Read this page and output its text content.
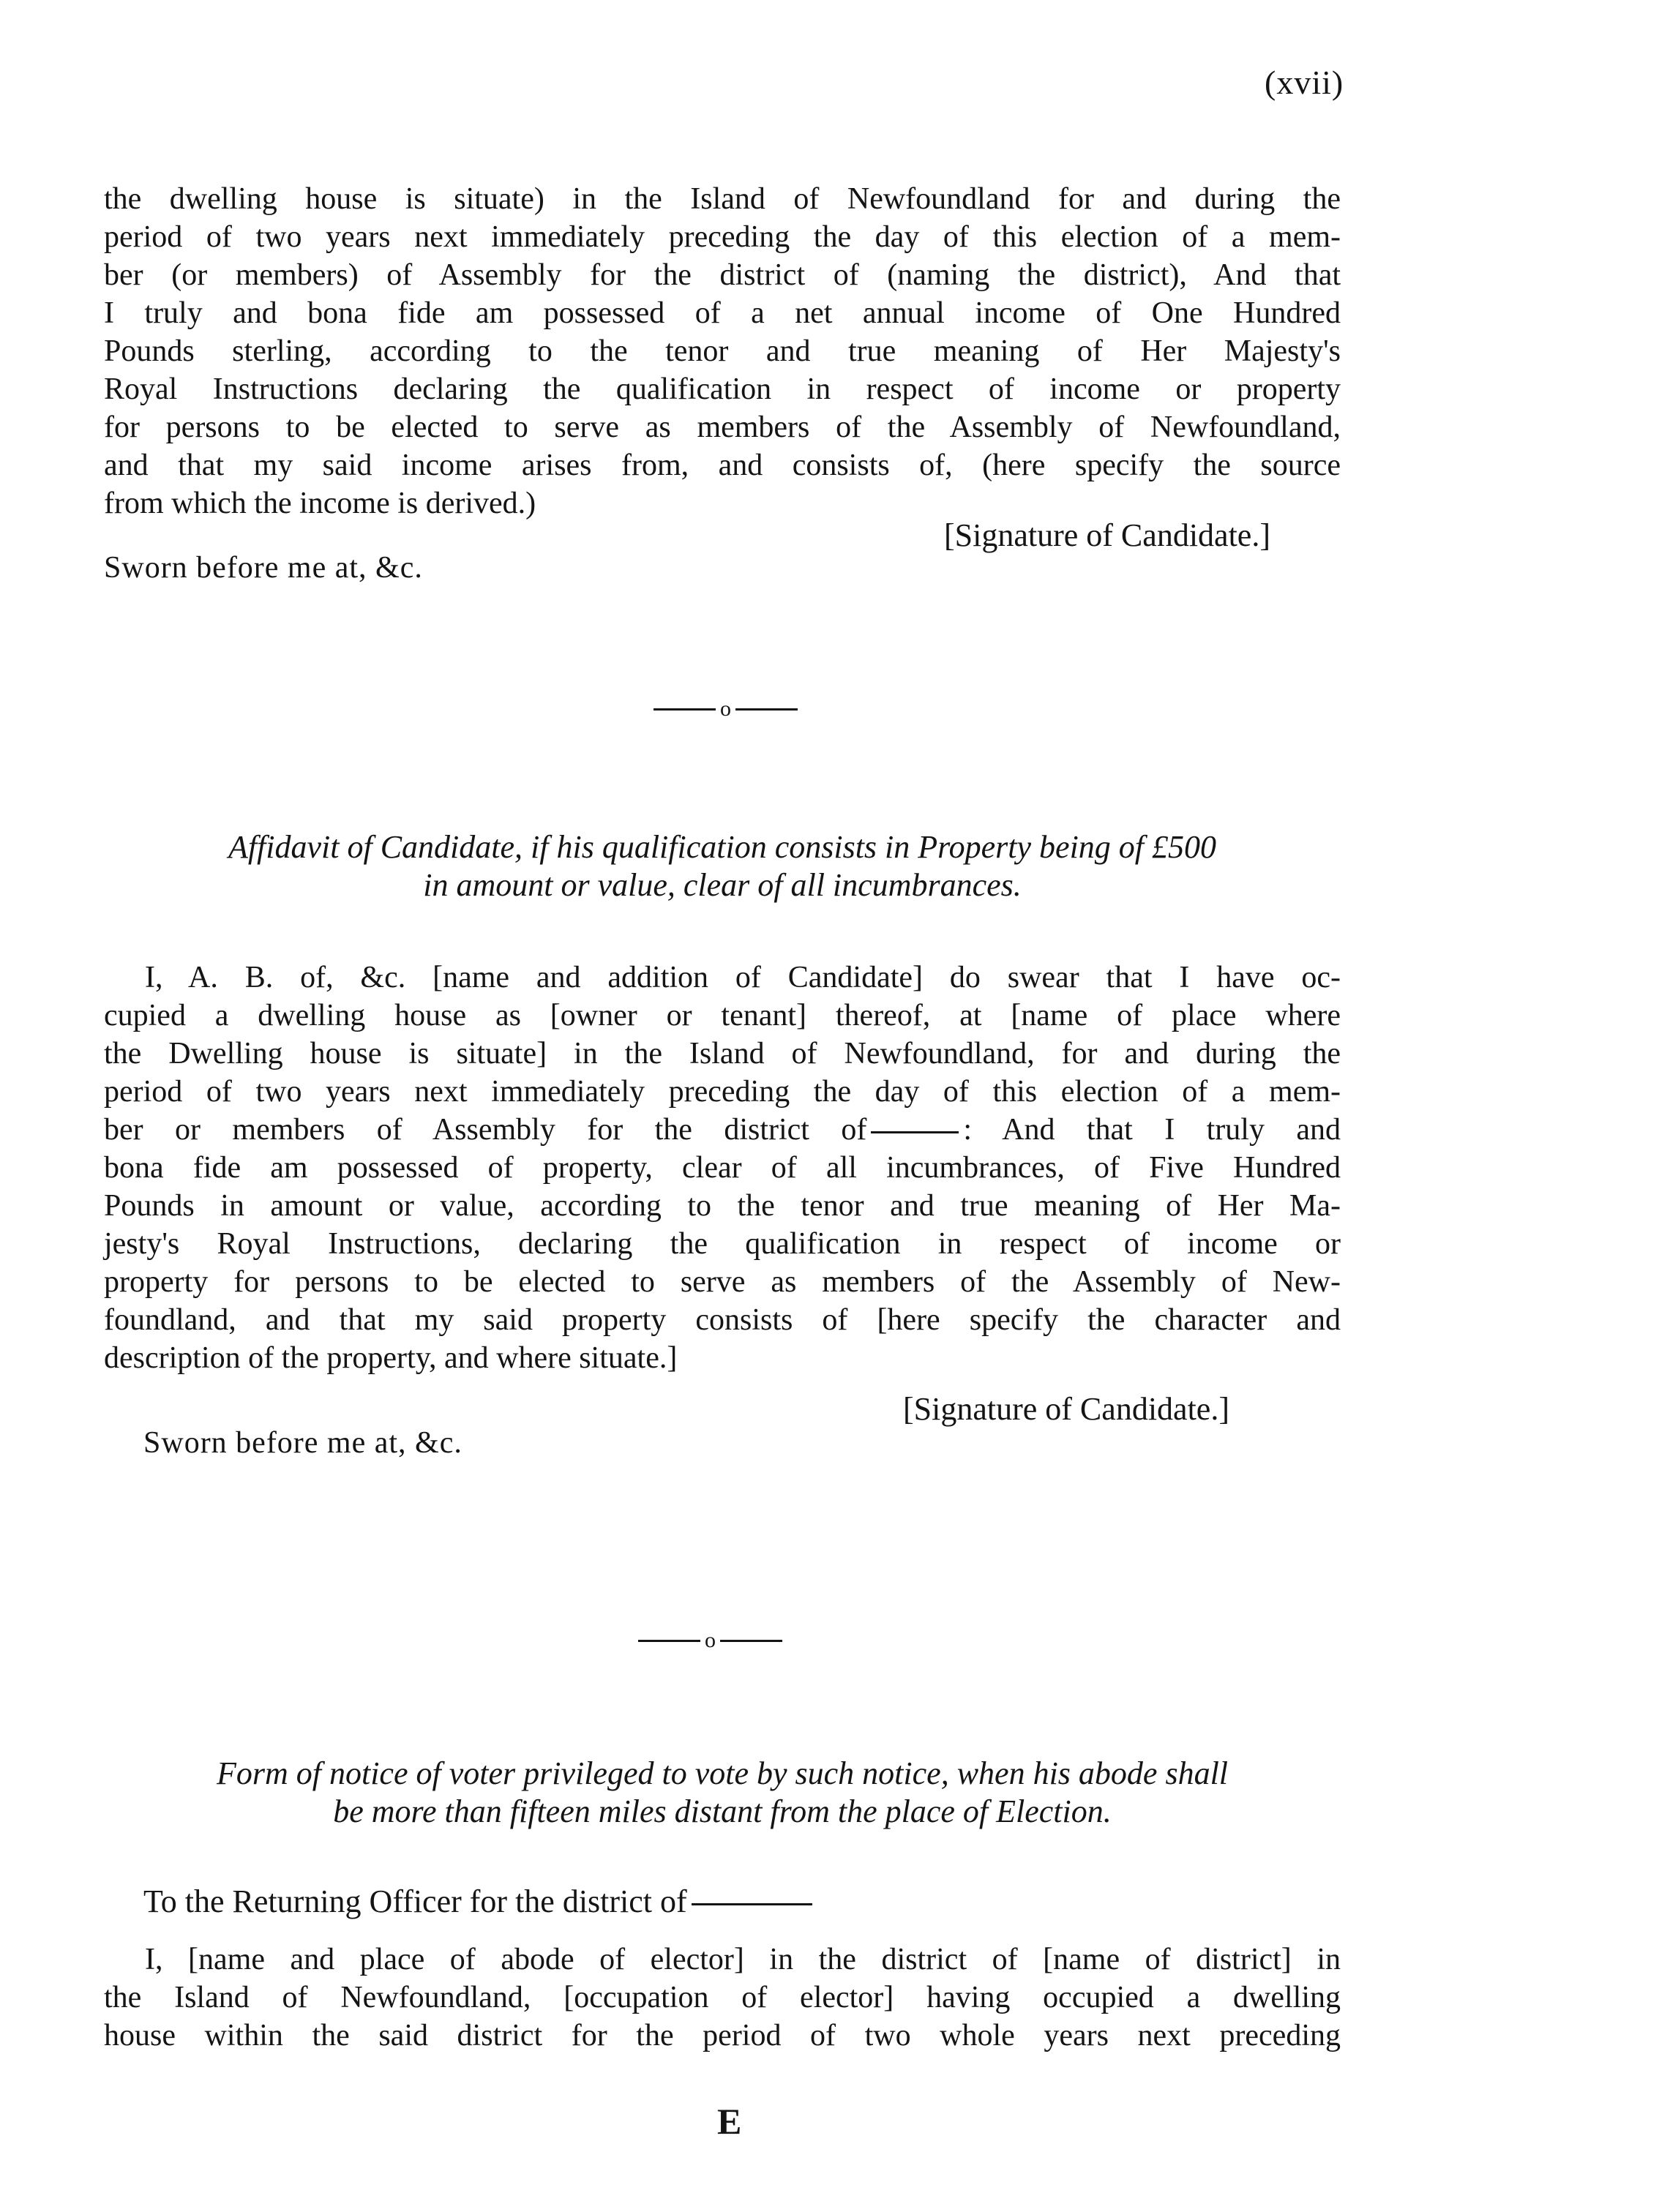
(xvii)
the dwelling house is situate) in the Island of Newfoundland for and during the
period of two years next immediately preceding the day of this election of a mem-
ber (or members) of Assembly for the district of (naming the district), And that
I truly and bona fide am possessed of a net annual income of One Hundred
Pounds sterling, according to the tenor and true meaning of Her Majesty's
Royal Instructions declaring the qualification in respect of income or property
for persons to be elected to serve as members of the Assembly of Newfoundland,
and that my said income arises from, and consists of, (here specify the source
from which the income is derived.)
[Signature of Candidate.]
Sworn before me at, &c.
o
Affidavit of Candidate, if his qualification consists in Property being of £500
in amount or value, clear of all incumbrances.
I, A. B. of, &c. [name and addition of Candidate] do swear that I have oc-
cupied a dwelling house as [owner or tenant] thereof, at [name of place where
the Dwelling house is situate] in the Island of Newfoundland, for and during the
period of two years next immediately preceding the day of this election of a mem-
ber or members of Assembly for the district of	: And that I truly and
bona fide am possessed of property, clear of all incumbrances, of Five Hundred
Pounds in amount or value, according to the tenor and true meaning of Her Ma-
jesty's Royal Instructions, declaring the qualification in respect of income or
property for persons to be elected to serve as members of the Assembly of New-
foundland, and that my said property consists of [here specify the character and
description of the property, and where situate.]
[Signature of Candidate.]
Sworn before me at, &c.
o
Form of notice of voter privileged to vote by such notice, when his abode shall
be more than fifteen miles distant from the place of Election.
To the Returning Officer for the district of
I, [name and place of abode of elector] in the district of [name of district] in
the Island of Newfoundland, [occupation of elector] having occupied a dwelling
house within the said district for the period of two whole years next preceding
E
